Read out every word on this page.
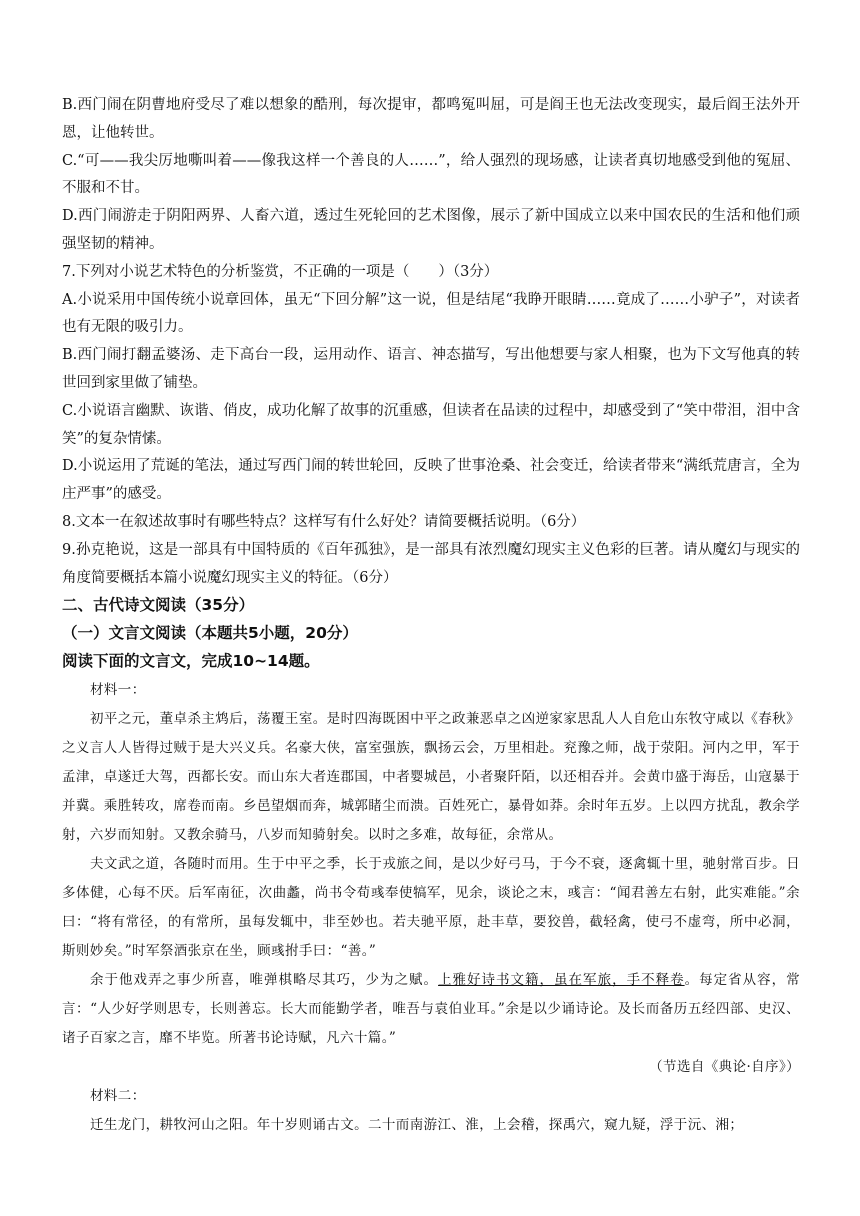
B.西门闹在阴曹地府受尽了难以想象的酷刑，每次提审，都鸣冤叫屈，可是阎王也无法改变现实，最后阎王法外开恩，让他转世。

C.“可——我尖厉地嘶叫着——像我这样一个善良的人……”，给人强烈的现场感，让读者真切地感受到他的冤屈、不服和不甘。

D.西门闹游走于阴阳两界、人畜六道，透过生死轮回的艺术图像，展示了新中国成立以来中国农民的生活和他们顽强坚韧的精神。

7.下列对小说艺术特色的分析鉴赏，不正确的一项是（　　）（3分）

A.小说采用中国传统小说章回体，虽无“下回分解”这一说，但是结尾“我睁开眼睛……竟成了……小驴子”，对读者也有无限的吸引力。

B.西门闹打翻孟婆汤、走下高台一段，运用动作、语言、神态描写，写出他想要与家人相聚，也为下文写他真的转世回到家里做了铺垫。

C.小说语言幽默、诙谐、俏皮，成功化解了故事的沉重感，但读者在品读的过程中，却感受到了“笑中带泪，泪中含笑”的复杂情愫。

D.小说运用了荒诞的笔法，通过写西门闹的转世轮回，反映了世事沧桑、社会变迁，给读者带来“满纸荒唐言，全为庄严事”的感受。

8.文本一在叙述故事时有哪些特点？这样写有什么好处？请简要概括说明。（6分）

9.孙克艳说，这是一部具有中国特质的《百年孤独》，是一部具有浓烈魔幻现实主义色彩的巨著。请从魔幻与现实的角度简要概括本篇小说魔幻现实主义的特征。（6分）

二、古代诗文阅读（35分）

（一）文言文阅读（本题共5小题，20分）

阅读下面的文言文，完成10~14题。

材料一：

初平之元，董卓杀主鸩后，荡覆王室。是时四海既困中平之政兼恶卓之凶逆家家思乱人人自危山东牧守咸以《春秋》之义言人人皆得过贼于是大兴义兵。名豪大侠，富室强族，飘扬云会，万里相赴。兖豫之师，战于荥阳。河内之甲，军于孟津，卓遂迁大驾，西都长安。而山东大者连郡国，中者婴城邑，小者聚阡陌，以还相吞并。会黄巾盛于海岳，山寇暴于并冀。乘胜转攻，席卷而南。乡邑望烟而奔，城郭睹尘而溃。百姓死亡，暴骨如莽。余时年五岁。上以四方扰乱，教余学射，六岁而知射。又教余骑马，八岁而知骑射矣。以时之多难，故每征，余常从。

夫文武之道，各随时而用。生于中平之季，长于戎旅之间，是以少好弓马，于今不衰，逐禽辄十里，驰射常百步。日多体健，心每不厌。后军南征，次曲蠡，尚书令荀彧奉使犒军，见余，谈论之末，彧言：“闻君善左右射，此实难能。”余曰：“将有常径，的有常所，虽每发辄中，非至妙也。若夫驰平原，赴丰草，要狡兽，截轻禽，使弓不虚弯，所中必洞，斯则妙矣。”时军祭酒张京在坐，顾彧拊手曰：“善。”

余于他戏弄之事少所喜，唯弹棋略尽其巧，少为之赋。上雅好诗书文籍，虽在军旅，手不释卷。每定省从容，常言：“人少好学则思专，长则善忘。长大而能勤学者，唯吾与袁伯业耳。”余是以少诵诗论。及长而备历五经四部、史汉、诸子百家之言，靡不毕览。所著书论诗赋，凡六十篇。”

（节选自《典论·自序》）

材料二：

迁生龙门，耕牧河山之阳。年十岁则诵古文。二十而南游江、淮，上会稽，探禹穴，窥九疑，浮于沅、湘；
